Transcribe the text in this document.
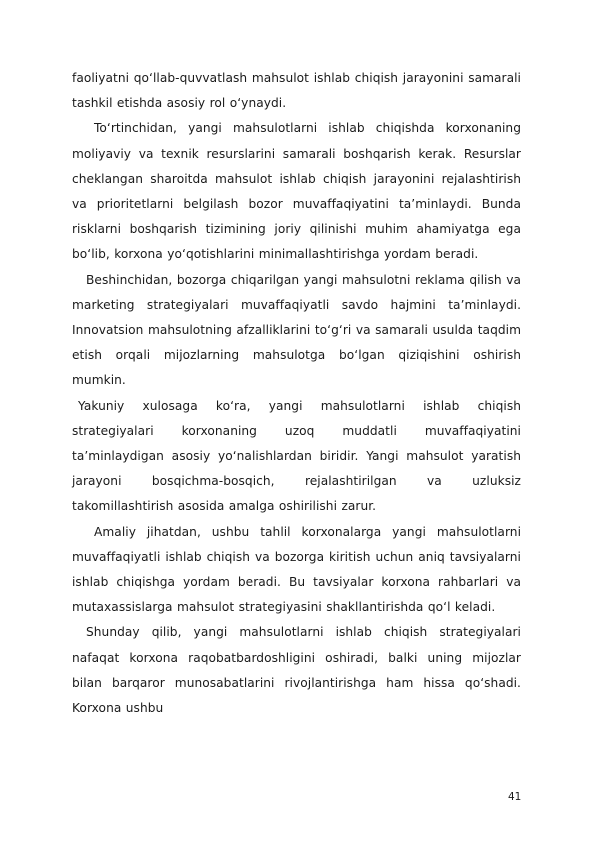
faoliyatni qo‘llab-quvvatlash mahsulot ishlab chiqish jarayonini samarali tashkil etishda asosiy rol o‘ynaydi.

To‘rtinchidan, yangi mahsulotlarni ishlab chiqishda korxonaning moliyaviy va texnik resurslarini samarali boshqarish kerak. Resurslar cheklangan sharoitda mahsulot ishlab chiqish jarayonini rejalashtirish va prioritetlarni belgilash bozor muvaffaqiyatini ta’minlaydi. Bunda risklarni boshqarish tizimining joriy qilinishi muhim ahamiyatga ega bo‘lib, korxona yo‘qotishlarini minimallashtirishga yordam beradi.

Beshinchidan, bozorga chiqarilgan yangi mahsulotni reklama qilish va marketing strategiyalari muvaffaqiyatli savdo hajmini ta’minlaydi. Innovatsion mahsulotning afzalliklarini to‘g‘ri va samarali usulda taqdim etish orqali mijozlarning mahsulotga bo‘lgan qiziqishini oshirish mumkin.

Yakuniy xulosaga ko‘ra, yangi mahsulotlarni ishlab chiqish strategiyalari korxonaning uzoq muddatli muvaffaqiyatini ta’minlaydigan asosiy yo‘nalishlardan biridir. Yangi mahsulot yaratish jarayoni bosqichma-bosqich, rejalashtirilgan va uzluksiz takomillashtirish asosida amalga oshirilishi zarur.

Amaliy jihatdan, ushbu tahlil korxonalarga yangi mahsulotlarni muvaffaqiyatli ishlab chiqish va bozorga kiritish uchun aniq tavsiyalarni ishlab chiqishga yordam beradi. Bu tavsiyalar korxona rahbarlari va mutaxassislarga mahsulot strategiyasini shakllantirishda qo‘l keladi.

Shunday qilib, yangi mahsulotlarni ishlab chiqish strategiyalari nafaqat korxona raqobatbardoshligini oshiradi, balki uning mijozlar bilan barqaror munosabatlarini rivojlantirishga ham hissa qo‘shadi. Korxona ushbu

41
